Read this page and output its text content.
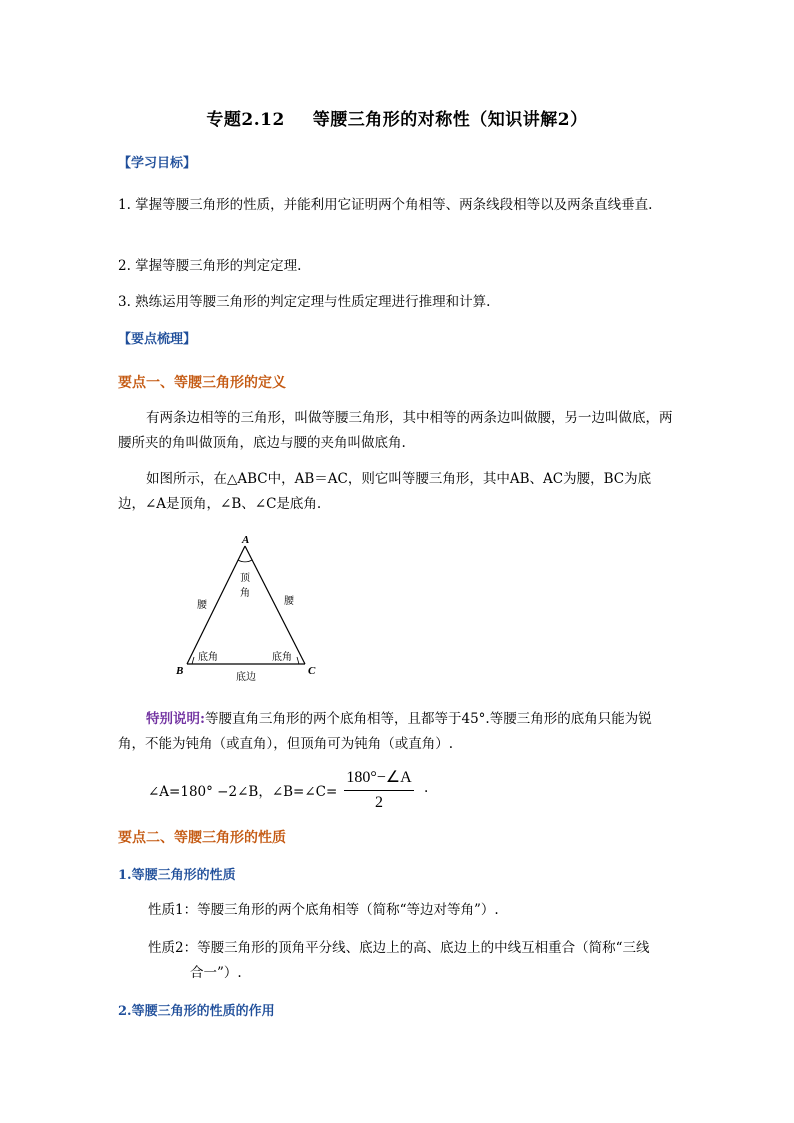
专题2.12 等腰三角形的对称性（知识讲解2）
【学习目标】
1. 掌握等腰三角形的性质，并能利用它证明两个角相等、两条线段相等以及两条直线垂直.
2. 掌握等腰三角形的判定定理.
3. 熟练运用等腰三角形的判定定理与性质定理进行推理和计算.
【要点梳理】
要点一、等腰三角形的定义
有两条边相等的三角形，叫做等腰三角形，其中相等的两条边叫做腰，另一边叫做底，两腰所夹的角叫做顶角，底边与腰的夹角叫做底角.
如图所示，在△ABC中，AB＝AC，则它叫等腰三角形，其中AB、AC为腰，BC为底边，∠A是顶角，∠B、∠C是底角.
A
B	C
顶
角
腰	腰
底角	底角
底边
特别说明:等腰直角三角形的两个底角相等，且都等于45°.等腰三角形的底角只能为锐角，不能为钝角（或直角），但顶角可为钝角（或直角）.
∠A=180° −2∠B，∠B=∠C=
180°−∠A
2
.
要点二、等腰三角形的性质
1.等腰三角形的性质
性质1：等腰三角形的两个底角相等（简称“等边对等角”）.
性质2：等腰三角形的顶角平分线、底边上的高、底边上的中线互相重合（简称“三线
合一”）.
2.等腰三角形的性质的作用
